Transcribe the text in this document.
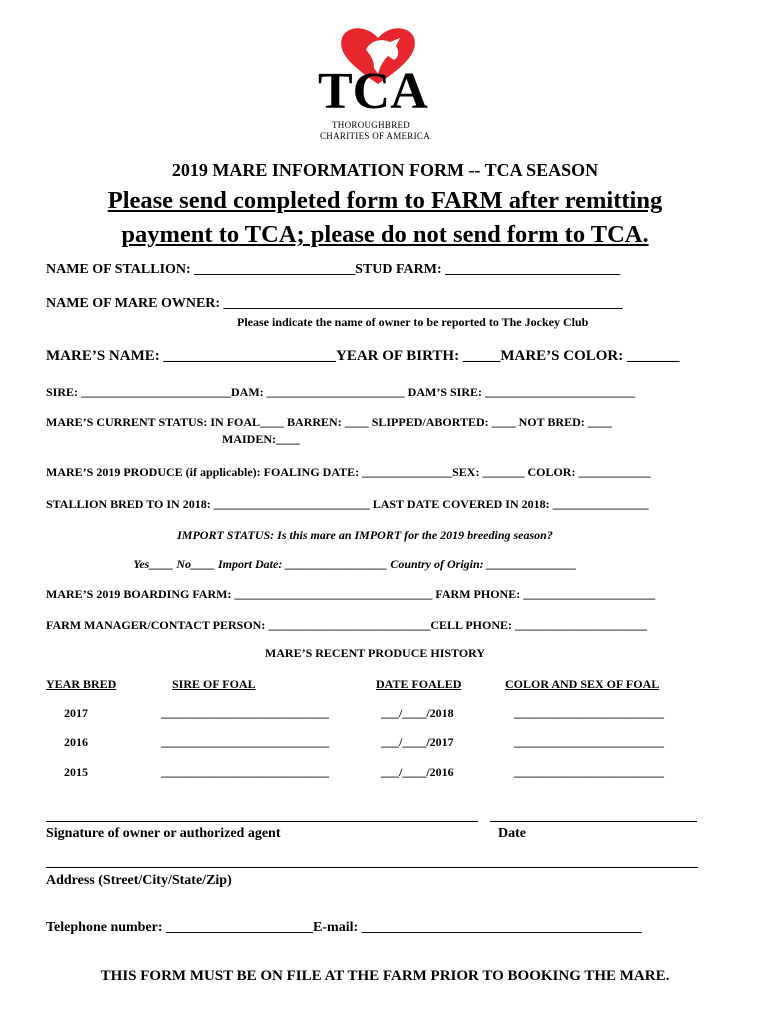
TCA
THOROUGHBRED
CHARITIES OF AMERICA
2019 MARE INFORMATION FORM -- TCA SEASON
Please send completed form to FARM after remitting
payment to TCA; please do not send form to TCA.
NAME OF STALLION: _______________________STUD FARM: _________________________
NAME OF MARE OWNER: _________________________________________________________
Please indicate the name of owner to be reported to The Jockey Club
MARE’S NAME: _______________________YEAR OF BIRTH: _____MARE’S COLOR: _______
SIRE: _________________________DAM: _______________________ DAM’S SIRE: _________________________
MARE’S CURRENT STATUS: IN FOAL____ BARREN: ____ SLIPPED/ABORTED: ____ NOT BRED: ____
MAIDEN:____
MARE’S 2019 PRODUCE (if applicable): FOALING DATE: _______________SEX: _______ COLOR: ____________
STALLION BRED TO IN 2018: __________________________ LAST DATE COVERED IN 2018: ________________
IMPORT STATUS: Is this mare an IMPORT for the 2019 breeding season?
Yes____ No____ Import Date: _________________ Country of Origin: _______________
MARE’S 2019 BOARDING FARM: _________________________________ FARM PHONE: ______________________
FARM MANAGER/CONTACT PERSON: ___________________________CELL PHONE: ______________________
MARE’S RECENT PRODUCE HISTORY
YEAR BRED	SIRE OF FOAL	DATE FOALED	COLOR AND SEX OF FOAL
2017	____________________________	___/____/2018	_________________________
2016	____________________________	___/____/2017	_________________________
2015	____________________________	___/____/2016	_________________________
Signature of owner or authorized agent	Date
Address (Street/City/State/Zip)
Telephone number: _____________________E-mail: ________________________________________
THIS FORM MUST BE ON FILE AT THE FARM PRIOR TO BOOKING THE MARE.
